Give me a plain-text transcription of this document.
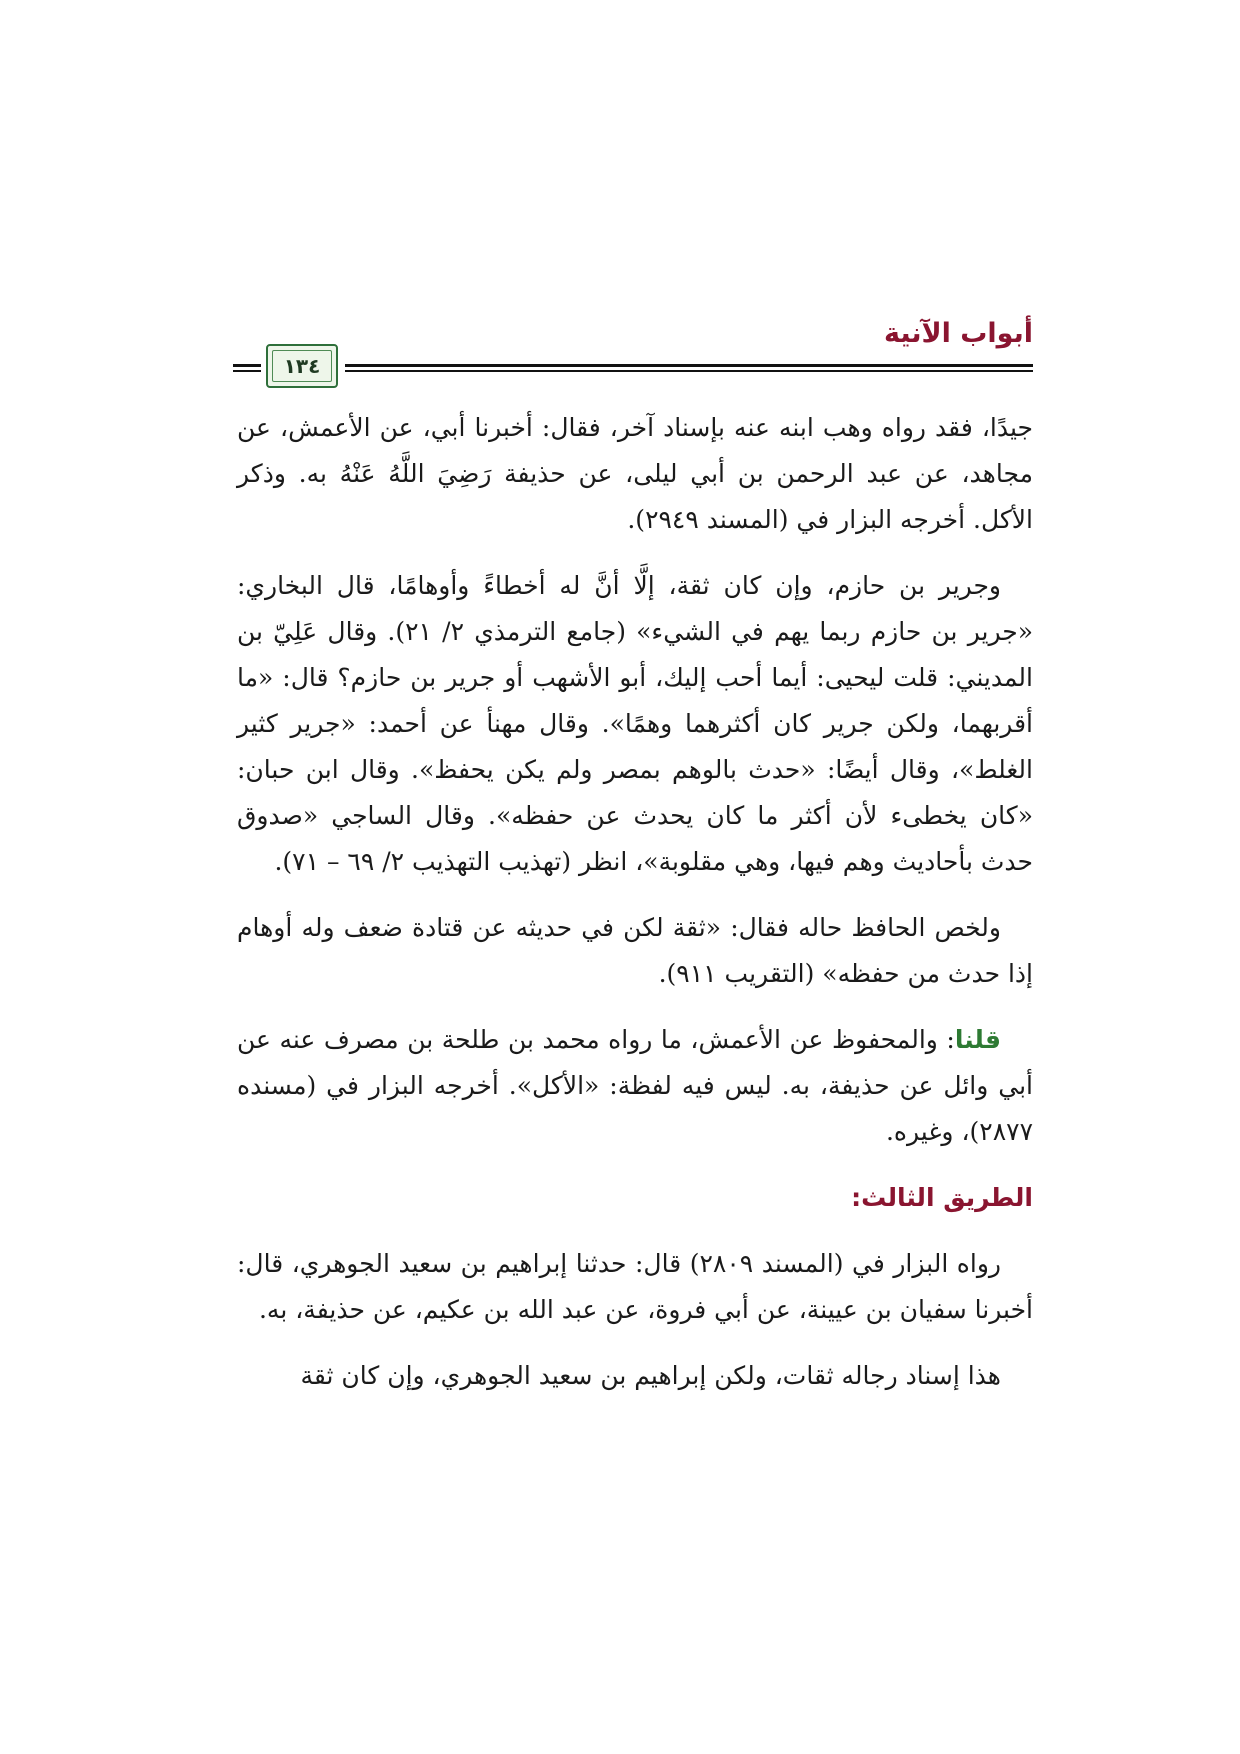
أبواب الآنية
١٣٤

جيدًا، فقد رواه وهب ابنه عنه بإسناد آخر، فقال: أخبرنا أبي، عن الأعمش، عن مجاهد، عن عبد الرحمن بن أبي ليلى، عن حذيفة رَضِيَ اللَّهُ عَنْهُ به. وذكر الأكل. أخرجه البزار في (المسند ٢٩٤٩).

وجرير بن حازم، وإن كان ثقة، إلَّا أنَّ له أخطاءً وأوهامًا، قال البخاري: «جرير بن حازم ربما يهم في الشيء» (جامع الترمذي ٢/ ٢١). وقال عَلِيّ بن المديني: قلت ليحيى: أيما أحب إليك، أبو الأشهب أو جرير بن حازم؟ قال: «ما أقربهما، ولكن جرير كان أكثرهما وهمًا». وقال مهنأ عن أحمد: «جرير كثير الغلط»، وقال أيضًا: «حدث بالوهم بمصر ولم يكن يحفظ». وقال ابن حبان: «كان يخطىء لأن أكثر ما كان يحدث عن حفظه». وقال الساجي «صدوق حدث بأحاديث وهم فيها، وهي مقلوبة»، انظر (تهذيب التهذيب ٢/ ٦٩ – ٧١).

ولخص الحافظ حاله فقال: «ثقة لكن في حديثه عن قتادة ضعف وله أوهام إذا حدث من حفظه» (التقريب ٩١١).

قلنا: والمحفوظ عن الأعمش، ما رواه محمد بن طلحة بن مصرف عنه عن أبي وائل عن حذيفة، به. ليس فيه لفظة: «الأكل». أخرجه البزار في (مسنده ٢٨٧٧)، وغيره.

الطريق الثالث:

رواه البزار في (المسند ٢٨٠٩) قال: حدثنا إبراهيم بن سعيد الجوهري، قال: أخبرنا سفيان بن عيينة، عن أبي فروة، عن عبد الله بن عكيم، عن حذيفة، به.

هذا إسناد رجاله ثقات، ولكن إبراهيم بن سعيد الجوهري، وإن كان ثقة
